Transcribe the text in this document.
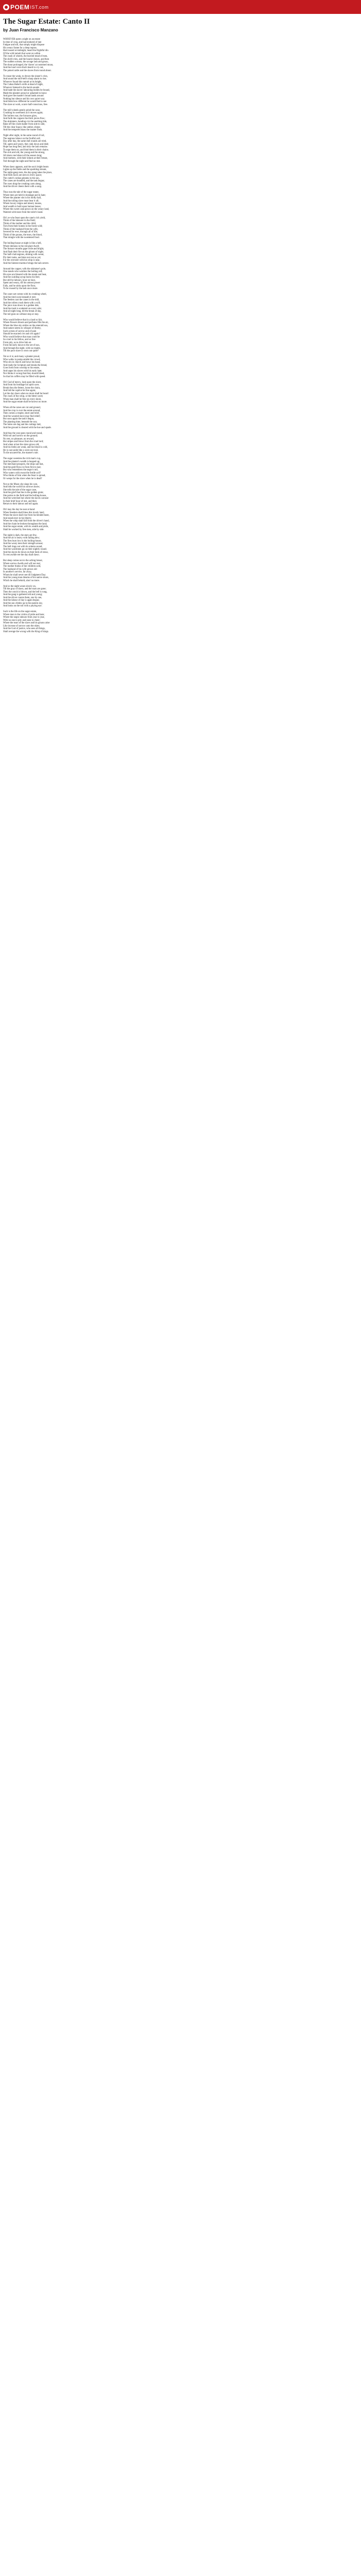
POEM IST.com
The Sugar Estate: Canto II
by Juan Francisco Manzano
WHOEVER spent a night on an estate
In time of crop, and had endured of late
Fatigue and toil, that simply might dispose
His weary frame for a deep repose,
Had roused at midnight, heard the frightful din
Of the wild tumult that went on within
The crash of wheels, the hurried tread of men,
The shrill cries, and the hoarse shouts, and then
The sudden scream, the savage lash and groan,
The shout prolonged, the 'slaves' accustomed moan,
And the loud voice that's heard to cry out,
The poked cattle and the slaves from round about.
To rouse the weak, to drown the sinner's cries,
And sound the mill-bell's sharp alarm to rise;
Whoever found this tumult at its height,
The Cuban Babel's strife at dead of night,
Whoever listened to the harsh sounds
And bade the slaves' labouring bodies be bound,
Made the planters proud or ashamed to know
And gave the master's broad lands around
Nothing but silence and his own quiet way;
And think how different he would feel to see
The slave at work, scarce half-conscious, free.
The mill wheels gently grind the cane,
Crushing its sweetness as it moves again;
The boilers roar, the furnaces glow,
And forth the coppers the thick juices flow;
The skimmers, bending o'er the seething tide,
Rake off the crude matter from side to side,
Till the clear liquor, like amber, shines
And the tempered mass the master finds.
Night after night, in the same round of toil,
The negroes labour on the fruitful soil;
Day after day, the same dull rounds are tried,
Till, spent and weary, they sink down and died;
Hope has long fled, and only the lash remains
To urge them on, and bind them in their chains.
The sick and old, the young and the strong,
All share one labour all the season long;
And mothers, with their infants at their breast,
Toil through the night and find no rest.
When dawn appears, and the sun's bright beam
Lights up the fields and the sparkling stream,
The night-gang rests, the day-gang takes the place,
And fresh faces are seen in every space;
The cutter's cutlass gleams in the sun,
The canes are bundled, and the task begun;
The oxen drag the creaking carts along,
And the driver cheers them with a song.
Thus runs the tale of the sugar estate,
Where men are held in bondage and in hate;
Where the planter sits in his lordly hall,
And the toiling slave must bear it all;
Where luxury reigns and misery moans,
And wealth is built upon human bones;
Where the sweet cane grows on the weary land,
Watered with tears from the toiler's hand.
Oh! ye who feast upon the cane's rich yield,
Think of the labourer in the field;
Think of the mother and the child,
Torn from their homes in the forest wild;
Think of the husband from the wife,
Severed for ever, through all of life;
Think of the groans, the tears, the blood,
That mingle with the sweetened food.
The boiling-house at night is like a hell,
Where demons in the red glare dwell;
The furnace mouths gape wide and bright,
And flash their fire on the gloom of night;
The half-clad negroes, shining with sweat,
Ply their tasks, and dare not rest as yet;
For the overseer with his whip is near,
And the faintest murmur brings the lash severe.
Around the copper, with the skimmer's pole,
One stands who watches the boiling roll;
His eyes are bleared with the steam and heat,
And the scalding syrup burns his feet;
But still he labours, hour on hour,
Spent and weary, till his utmost power
Fails, and he sinks upon the floor,
To be roused by the lash once more.
The cane-cart comes with its creaking wheel,
And the tired oxen beneath it reel;
The feeders cast the canes in the mill,
And the rollers crush them with a will;
The juice runs down in a golden tide,
And the trash is scattered on every side;
And all night long, till the break of day,
The toil goes on without stop or stay.
Who would believe that in a land so fair,
Where flowers bloom and perfume fills the air,
Where the blue sky smiles on the emerald sea,
And nature seems to whisper of liberty,
Such scenes of sorrow and of pain
Should be enacted o'er and o'er again?
Who would believe that man could be
So cruel to his fellow, and so free
From pity, as to drive him on
From the early dawn to the set of sun,
And through the night, with no respite,
Till the poor slave is worn out quite?
Yet so it is; and many a planter proud,
Who walks in pomp amidst the crowd,
Who sits in church and bows his head,
And reads the Scripture and breaks the bread,
Goes forth from worship to his estate,
And urges his slaves with his early hate;
Nor thinks it wrong that they should bleed,
So that his coffers may be filled with speed.
Oh! God of mercy, look upon the slave,
And from his bondage his spirit save;
Break thou the fetters, loose the chain,
And bid the captive be free again;
Let the day dawn when no more shall be heard
The crack of the whip, or the bitter word;
When man shall be free on every shore,
And the sugar estate shall be known no more.
When all the canes are cut and ground,
And the crop is over the estate around,
Then comes a respite, short and brief,
And the wearied slave may find relief;
But soon again the task's begun,
The planting time, beneath the sun;
The holes are dug and the cuttings laid,
And the ground is cleared with the hoe and spade.
And thus the year goes round and round,
With toil and sorrow on the ground;
No rest, no pleasure, no reward,
But stripes and blows from the cruel lord;
And when at last the slave grows old,
And his limbs are weak, and his blood is cold,
He is cast aside like a worn-out tool,
To die uncared-for, the master's rule.
The sugar sweetens the rich man's cup,
And the planter's wealth is heaped up;
The merchant prospers, the ships sail fast,
And the gold flows in from first to last;
But who remembers the negro's toil,
Who waters with sweat the fertile soil?
Who thinks of him when the feast is spread,
Or weeps for the slave when he is dead?
Not so the Muse; she sings his woe,
And bids the world his sorrows know;
She tells the tale of the sugar cane,
And the grief that lies in the golden grain;
She points to the field and the boiling-house,
And the wretched hut where the slaves carouse
In their brief hour of rest, and then
Return to their labour and toil again.
Oh! may the day be near at hand
When freedom shall bless this lovely land;
When the slave shall rise from his bended knee,
And stand erect in his liberty;
When the whip shall fall from the driver's hand,
And the chain be broken throughout the land;
And the sugar estate, with its wealth and pride,
Shall be worked by free men, side by side.
The night is dark, the stars are few,
And the air is heavy with falling dew;
The fires burn low in the boiling-house,
And the weary men their strength arouse;
The bell rings out with its solemn sound,
And the watchmen go on their nightly round;
And the slaves lie down on their beds of straw,
To rest awhile ere the day shall dawn.
But sleep comes not to the aching breast,
Where sorrow dwells and will not rest;
The mother thinks of her children sold,
The husband of his wife grown old
In another's service, far away,
Whom he shall never see till Judgment Day;
And the young man dreams of his native shore,
Which he shall behold, alas! no more.
And so the night wears slowly on,
Till the gray of dawn, and the stars are gone;
Then the conch is blown, and the bell is rung,
And the gang is gathered old and young;
And the driver counts them, one by one,
And the labour of day is again begun;
And the sun climbs up in the eastern sky,
And looks on the toil with a pitying eye.
Such is the life on the sugar estate,
Where man is the victim of pride and hate;
Where the negro labours from year to year,
With no one to pity and none to cheer;
Where the tears of the slave and his groans arise
Like incense of sorrow unto the skies;
And the God of justice, who sees all things,
Shall avenge the wrong with the King of kings.
